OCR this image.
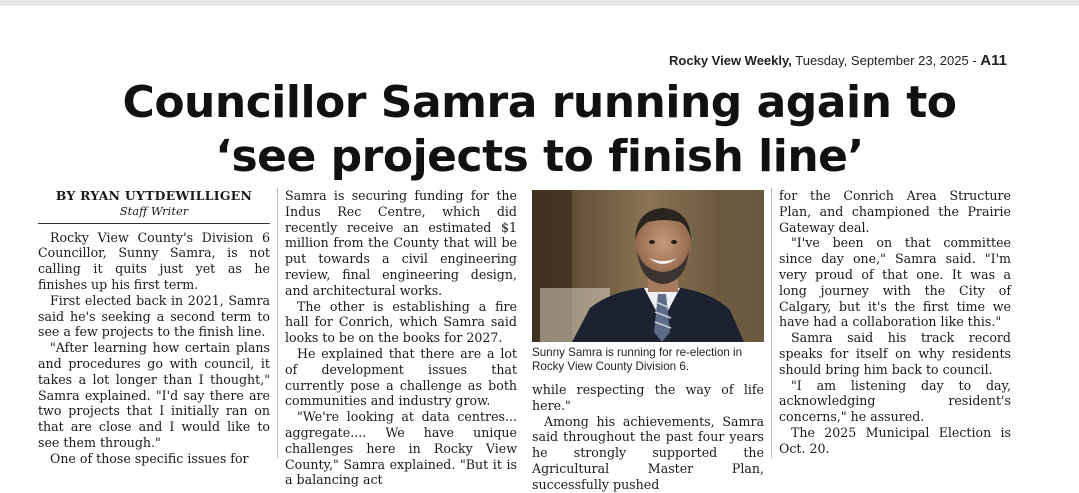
Rocky View Weekly, Tuesday, September 23, 2025 - A11
Councillor Samra running again to
‘see projects to finish line’
BY RYAN UYTDEWILLIGEN
Staff Writer

Rocky View County's Division 6 Councillor, Sunny Samra, is not calling it quits just yet as he finishes up his first term.

First elected back in 2021, Samra said he's seeking a second term to see a few projects to the finish line.

"After learning how certain plans and procedures go with council, it takes a lot longer than I thought," Samra explained. "I'd say there are two projects that I initially ran on that are close and I would like to see them through."

One of those specific issues for

Samra is securing funding for the Indus Rec Centre, which did recently receive an estimated $1 million from the County that will be put towards a civil engineering review, final engineering design, and architectural works.

The other is establishing a fire hall for Conrich, which Samra said looks to be on the books for 2027.

He explained that there are a lot of development issues that currently pose a challenge as both communities and industry grow.

"We're looking at data centres... aggregate.... We have unique challenges here in Rocky View County," Samra explained. "But it is a balancing act

Sunny Samra is running for re-election in Rocky View County Division 6.

while respecting the way of life here."

Among his achievements, Samra said throughout the past four years he strongly supported the Agricultural Master Plan, successfully pushed

for the Conrich Area Structure Plan, and championed the Prairie Gateway deal.

"I've been on that committee since day one," Samra said. "I'm very proud of that one. It was a long journey with the City of Calgary, but it's the first time we have had a collaboration like this."

Samra said his track record speaks for itself on why residents should bring him back to council.

"I am listening day to day, acknowledging resident's concerns," he assured.

The 2025 Municipal Election is Oct. 20.
